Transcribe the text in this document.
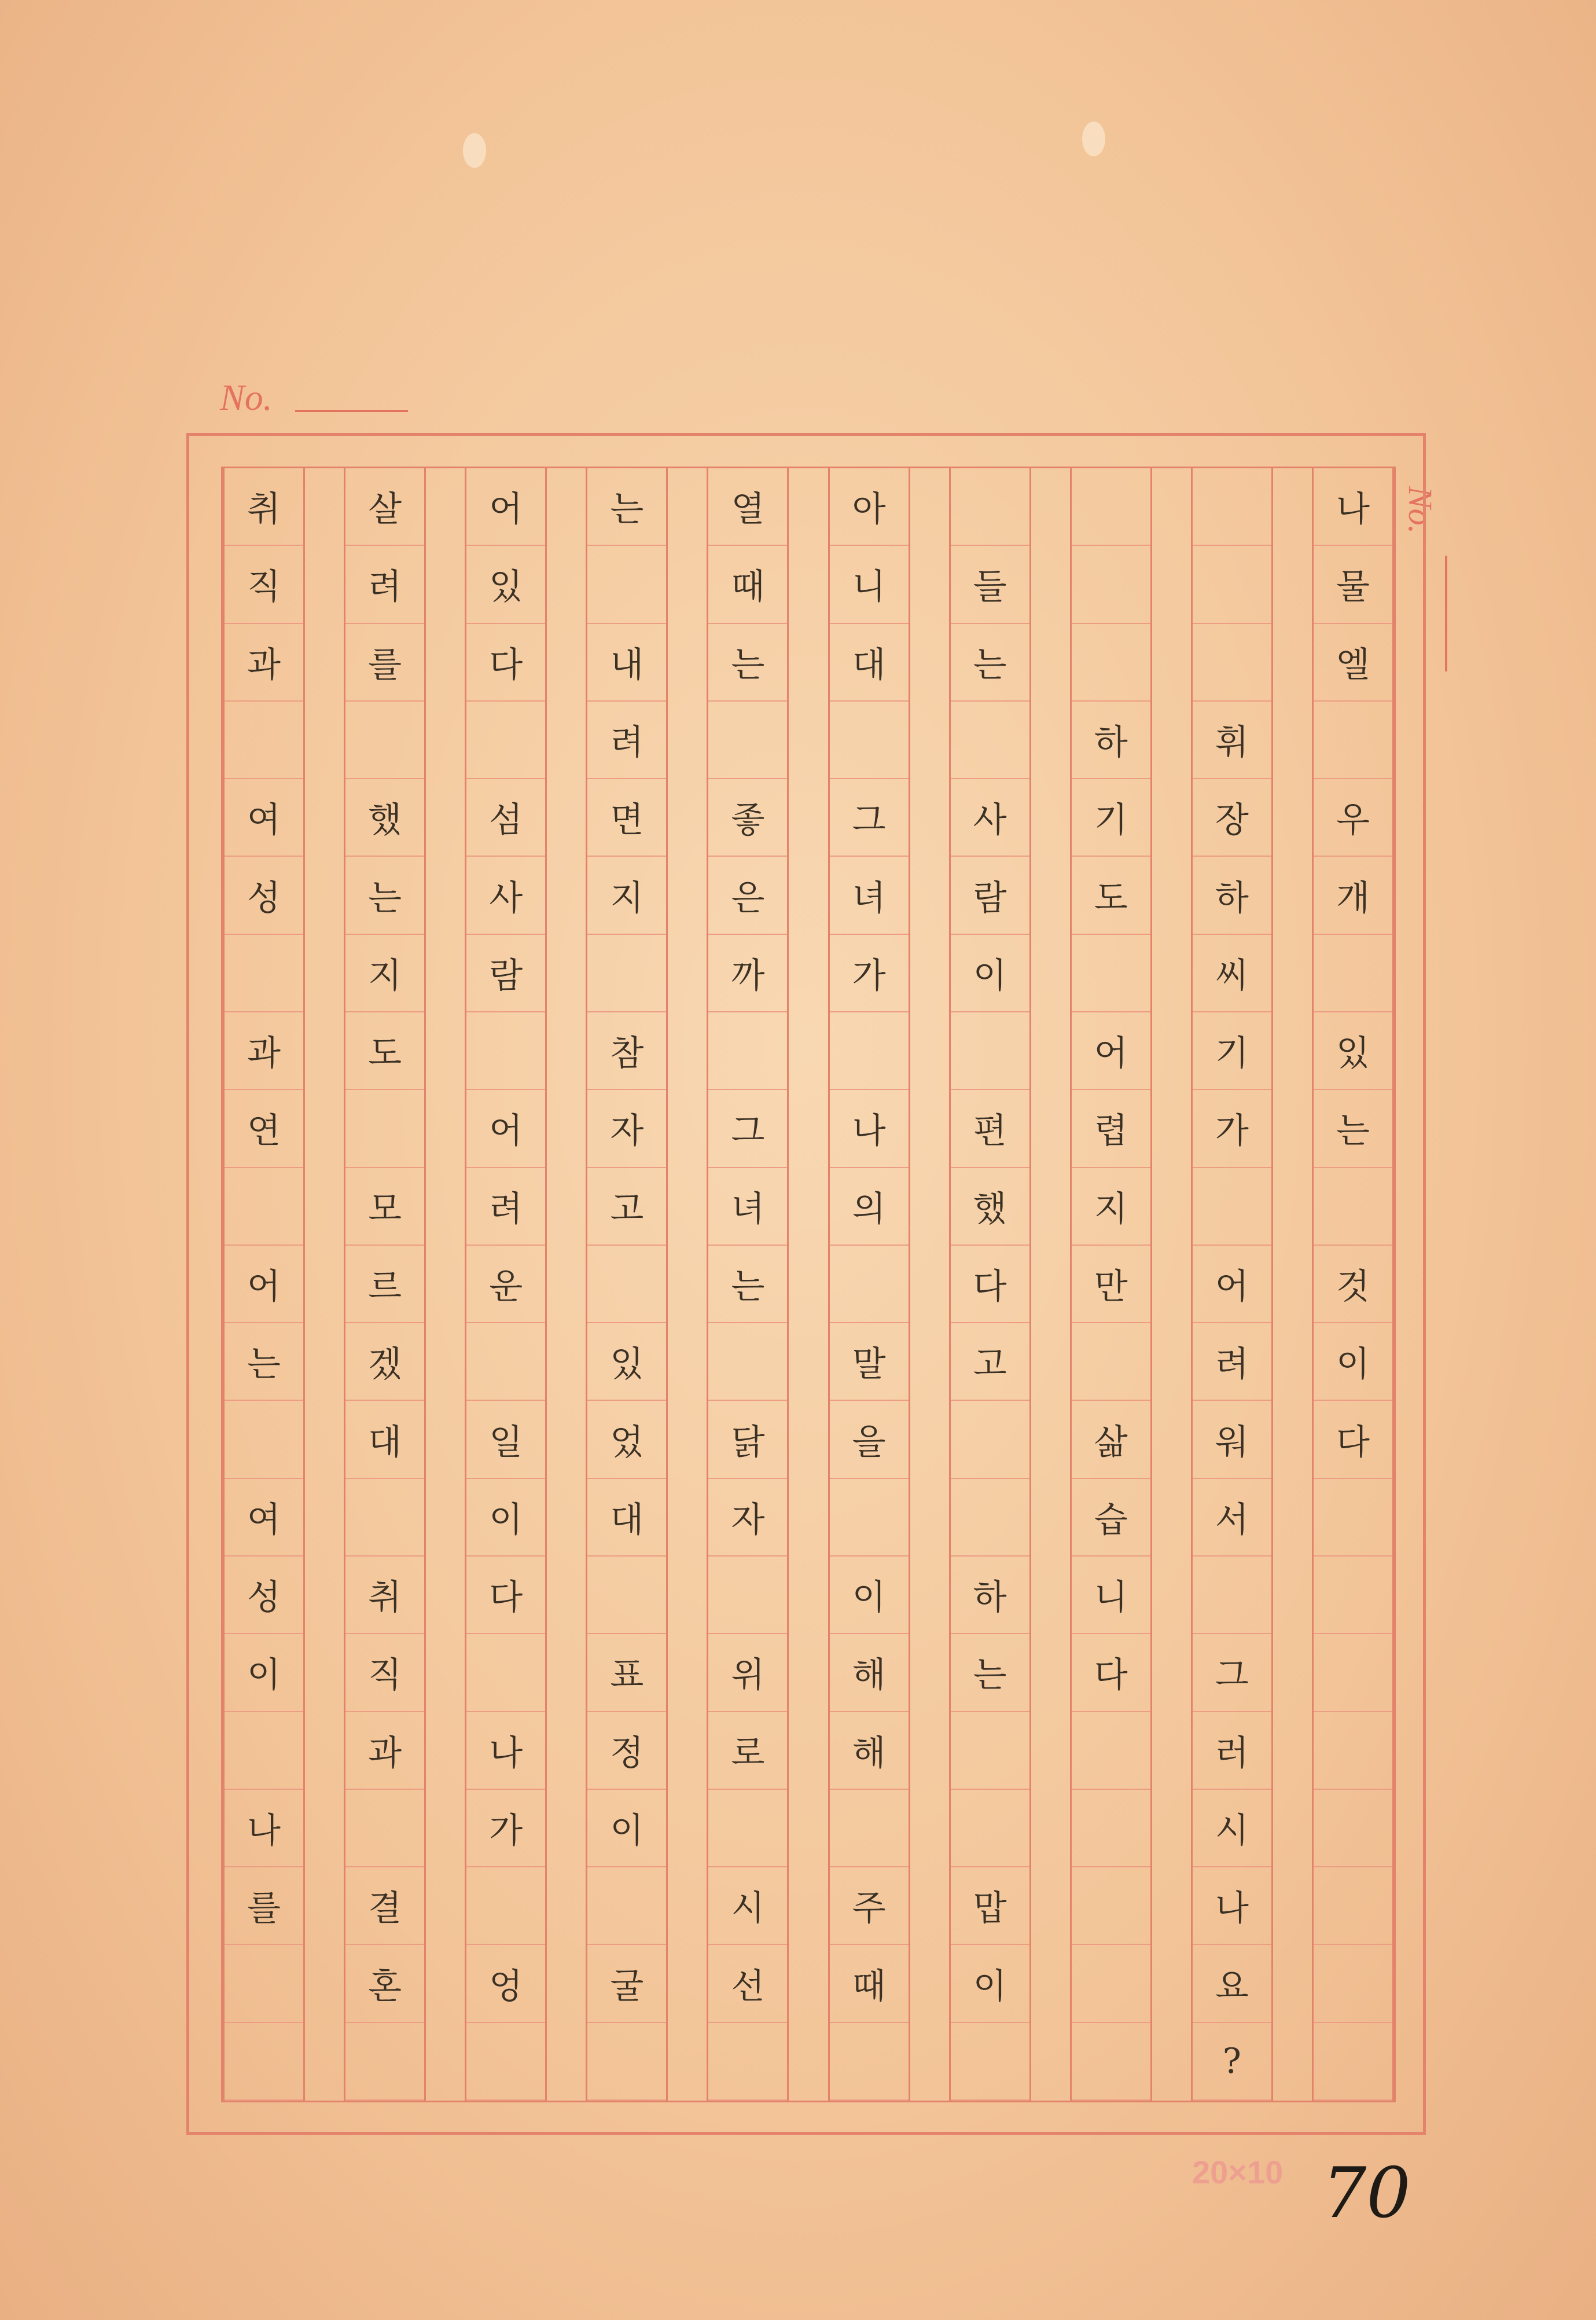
No.
No.
나
물
엘
우
개
있
는
것
이
다
휘
장
하
씨
기
가
어
려
워
서
그
러
시
나
요
?
하
기
도
어
렵
지
만
삶
습
니
다
들
는
사
람
이
편
했
다
고
하
는
맙
이
아
니
대
그
녀
가
나
의
말
을
이
해
해
주
때
열
때
는
좋
은
까
그
녀
는
닭
자
위
로
시
선
는
내
려
면
지
참
자
고
있
었
대
표
정
이
굴
어
있
다
섬
사
람
어
려
운
일
이
다
나
가
엉
살
려
를
했
는
지
도
모
르
겠
대
취
직
과
결
혼
취
직
과
여
성
과
연
어
는
여
성
이
나
를
20×10 70
